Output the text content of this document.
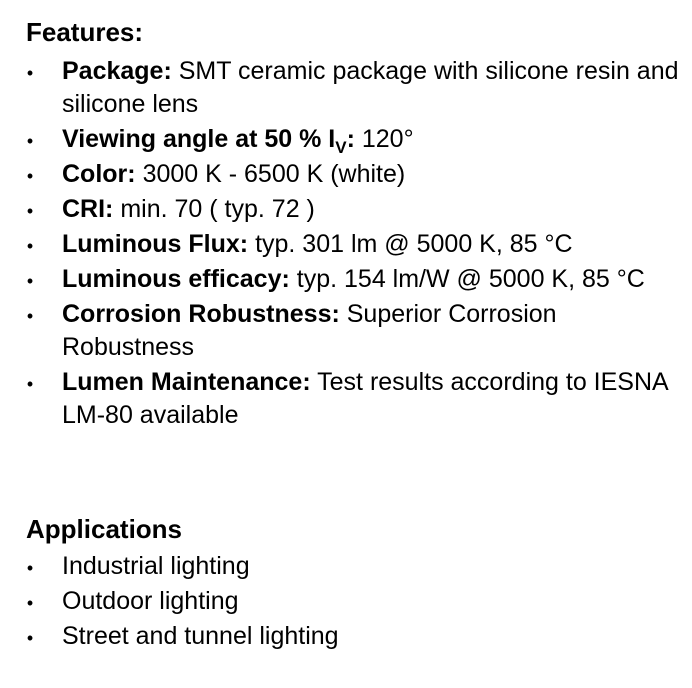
Features:
• Package: SMT ceramic package with silicone resin and silicone lens
• Viewing angle at 50 % $I_V$: 120°
• Color: 3000 K - 6500 K (white)
• CRI: min. 70 ( typ. 72 )
• Luminous Flux: typ. 301 lm @ 5000 K, 85 °C
• Luminous efficacy: typ. 154 lm/W @ 5000 K, 85 °C
• Corrosion Robustness: Superior Corrosion Robustness
• Lumen Maintenance: Test results according to IESNA LM-80 available
Applications
• Industrial lighting
• Outdoor lighting
• Street and tunnel lighting
